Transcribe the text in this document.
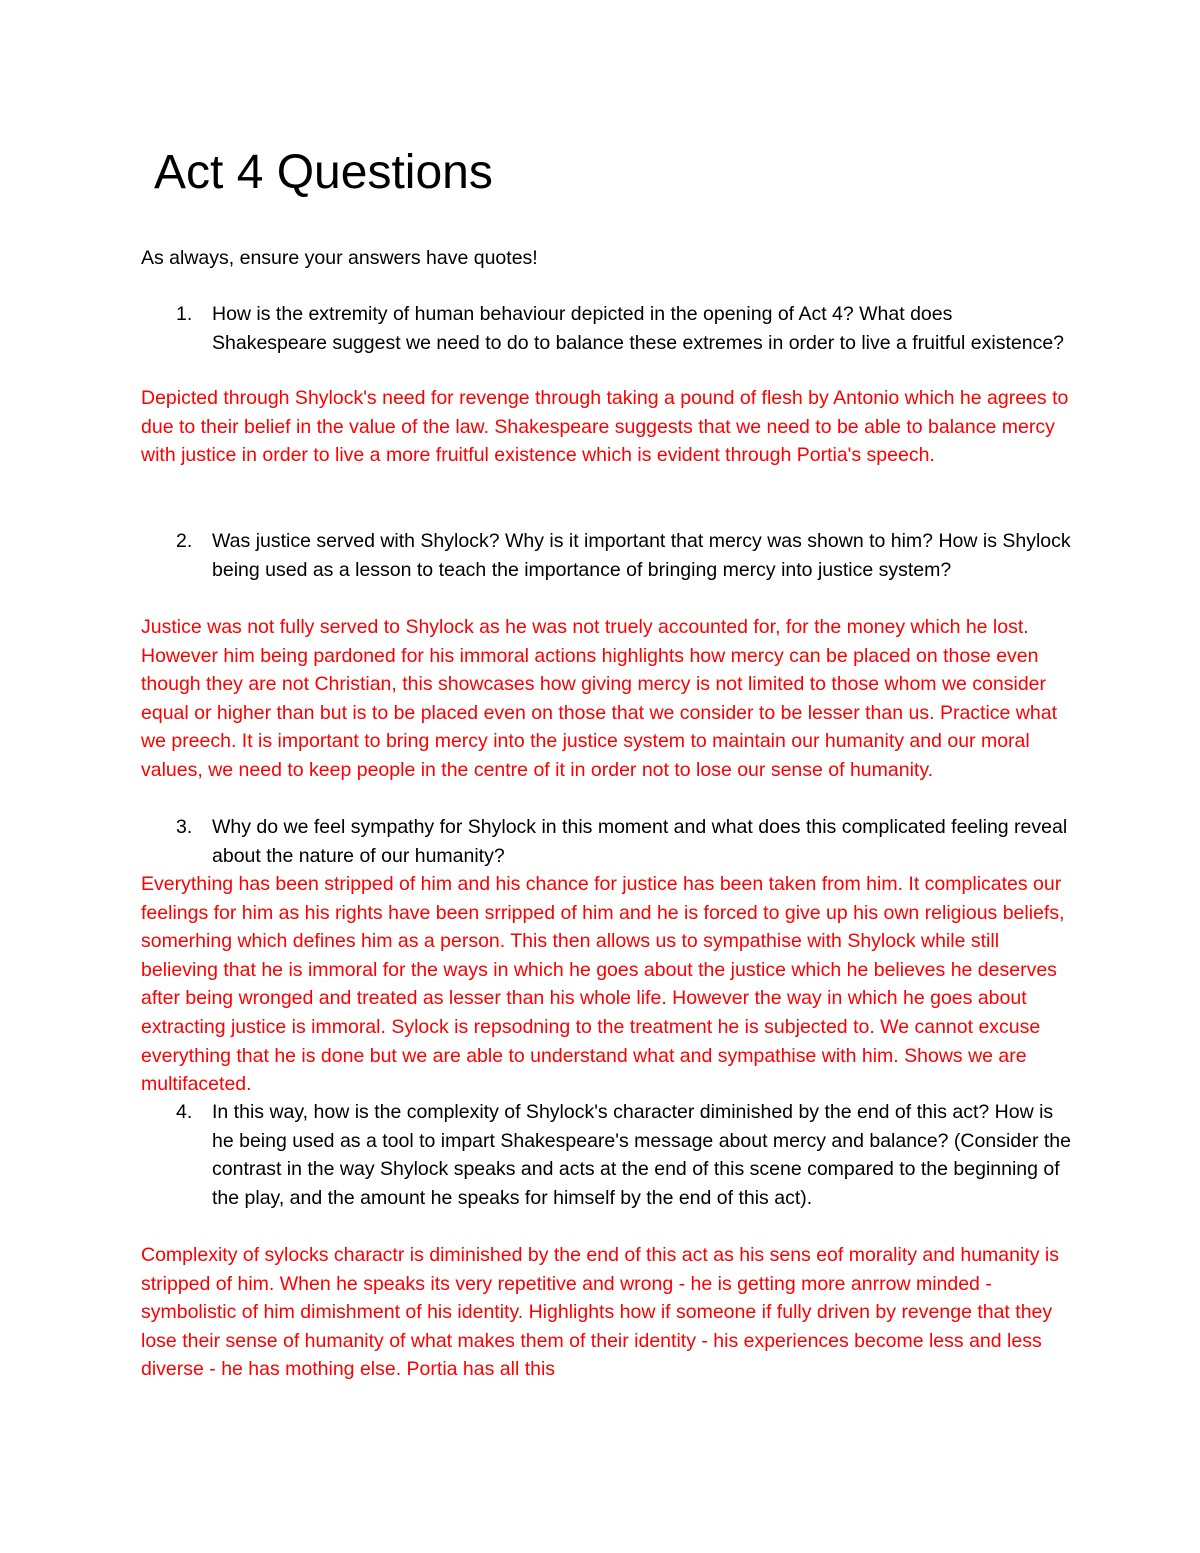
Act 4 Questions

As always, ensure your answers have quotes!

1. How is the extremity of human behaviour depicted in the opening of Act 4? What does Shakespeare suggest we need to do to balance these extremes in order to live a fruitful existence?

Depicted through Shylock's need for revenge through taking a pound of flesh by Antonio which he agrees to due to their belief in the value of the law. Shakespeare suggests that we need to be able to balance mercy with justice in order to live a more fruitful existence which is evident through Portia's speech.

2. Was justice served with Shylock? Why is it important that mercy was shown to him? How is Shylock being used as a lesson to teach the importance of bringing mercy into justice system?

Justice was not fully served to Shylock as he was not truely accounted for, for the money which he lost. However him being pardoned for his immoral actions highlights how mercy can be placed on those even though they are not Christian, this showcases how giving mercy is not limited to those whom we consider equal or higher than but is to be placed even on those that we consider to be lesser than us. Practice what we preech. It is important to bring mercy into the justice system to maintain our humanity and our moral values, we need to keep people in the centre of it in order not to lose our sense of humanity.

3. Why do we feel sympathy for Shylock in this moment and what does this complicated feeling reveal about the nature of our humanity?

Everything has been stripped of him and his chance for justice has been taken from him. It complicates our feelings for him as his rights have been srripped of him and he is forced to give up his own religious beliefs, somerhing which defines him as a person. This then allows us to sympathise with Shylock while still believing that he is immoral for the ways in which he goes about the justice which he believes he deserves after being wronged and treated as lesser than his whole life. However the way in which he goes about extracting justice is immoral. Sylock is repsodning to the treatment he is subjected to. We cannot excuse everything that he is done but we are able to understand what and sympathise with him. Shows we are multifaceted.

4. In this way, how is the complexity of Shylock's character diminished by the end of this act? How is he being used as a tool to impart Shakespeare's message about mercy and balance? (Consider the contrast in the way Shylock speaks and acts at the end of this scene compared to the beginning of the play, and the amount he speaks for himself by the end of this act).

Complexity of sylocks charactr is diminished by the end of this act as his sens eof morality and humanity is stripped of him. When he speaks its very repetitive and wrong - he is getting more anrrow minded - symbolistic of him dimishment of his identity. Highlights how if someone if fully driven by revenge that they lose their sense of humanity of what makes them of their identity - his experiences become less and less diverse - he has mothing else. Portia has all this
